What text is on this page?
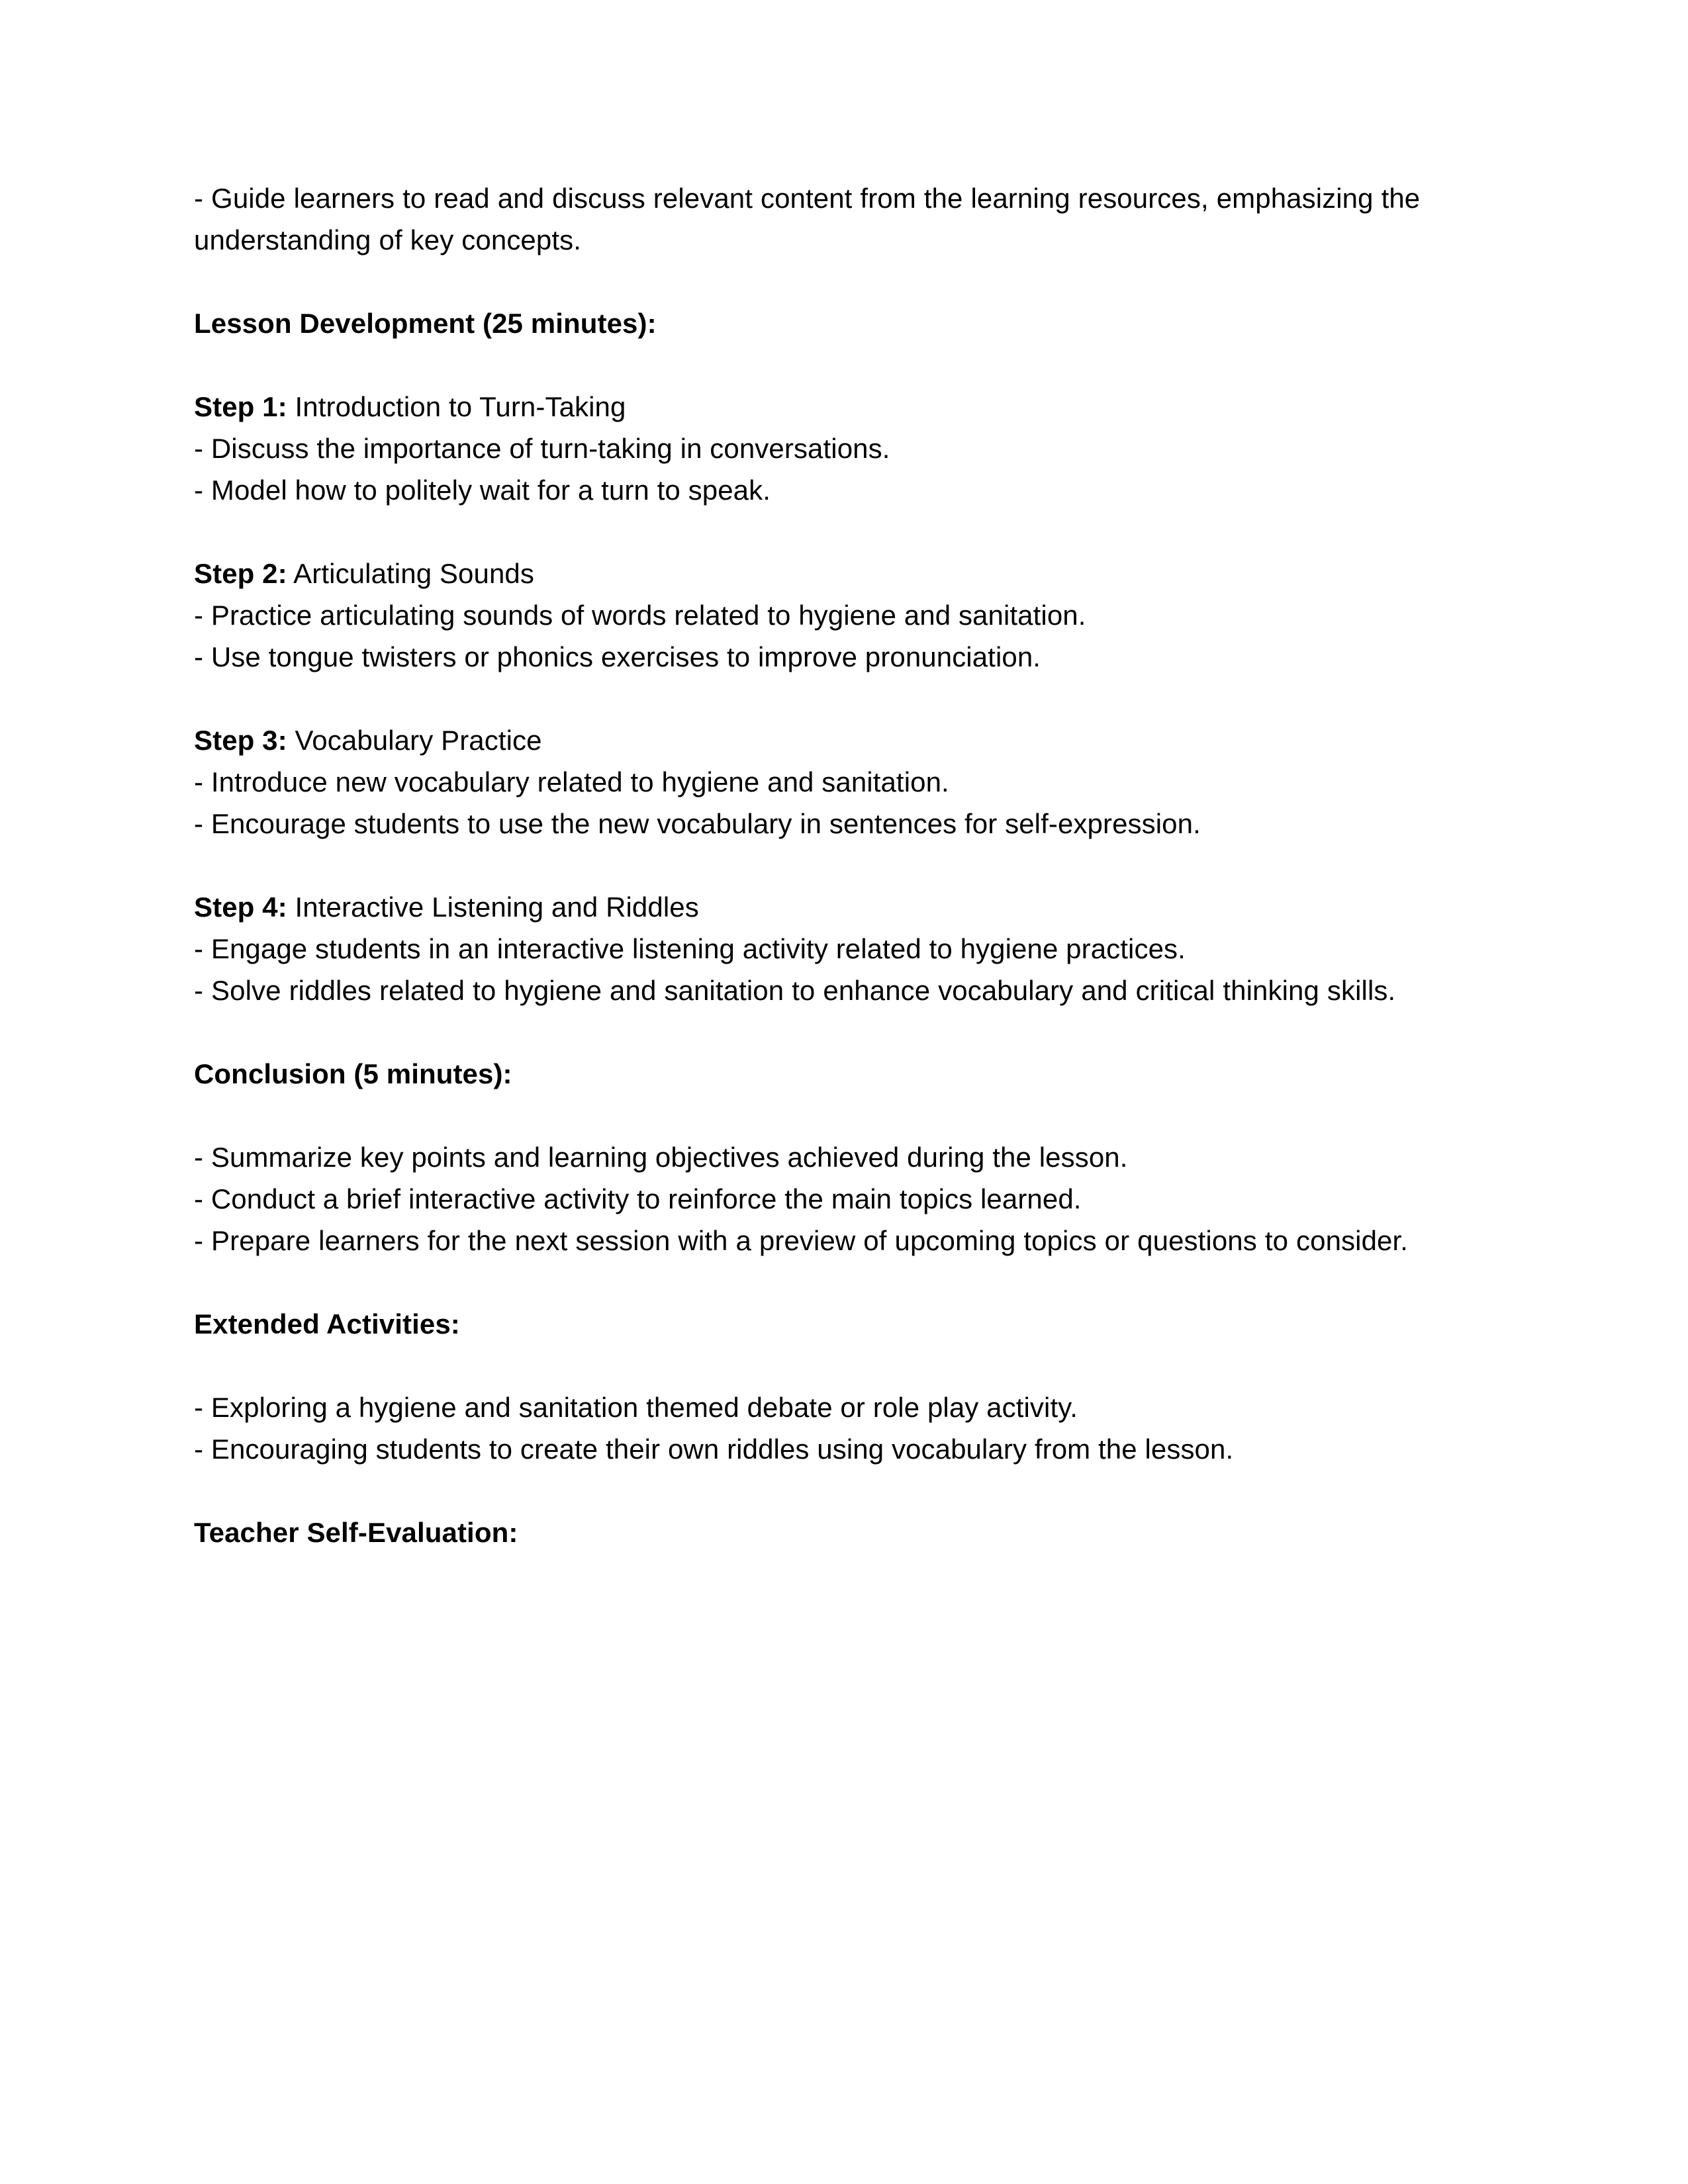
- Guide learners to read and discuss relevant content from the learning resources, emphasizing the understanding of key concepts.

Lesson Development (25 minutes):

Step 1: Introduction to Turn-Taking

- Discuss the importance of turn-taking in conversations.

- Model how to politely wait for a turn to speak.

Step 2: Articulating Sounds

- Practice articulating sounds of words related to hygiene and sanitation.

- Use tongue twisters or phonics exercises to improve pronunciation.

Step 3: Vocabulary Practice

- Introduce new vocabulary related to hygiene and sanitation.

- Encourage students to use the new vocabulary in sentences for self-expression.

Step 4: Interactive Listening and Riddles

- Engage students in an interactive listening activity related to hygiene practices.

- Solve riddles related to hygiene and sanitation to enhance vocabulary and critical thinking skills.

Conclusion (5 minutes):

- Summarize key points and learning objectives achieved during the lesson.

- Conduct a brief interactive activity to reinforce the main topics learned.

- Prepare learners for the next session with a preview of upcoming topics or questions to consider.

Extended Activities:

- Exploring a hygiene and sanitation themed debate or role play activity.

- Encouraging students to create their own riddles using vocabulary from the lesson.

Teacher Self-Evaluation:
